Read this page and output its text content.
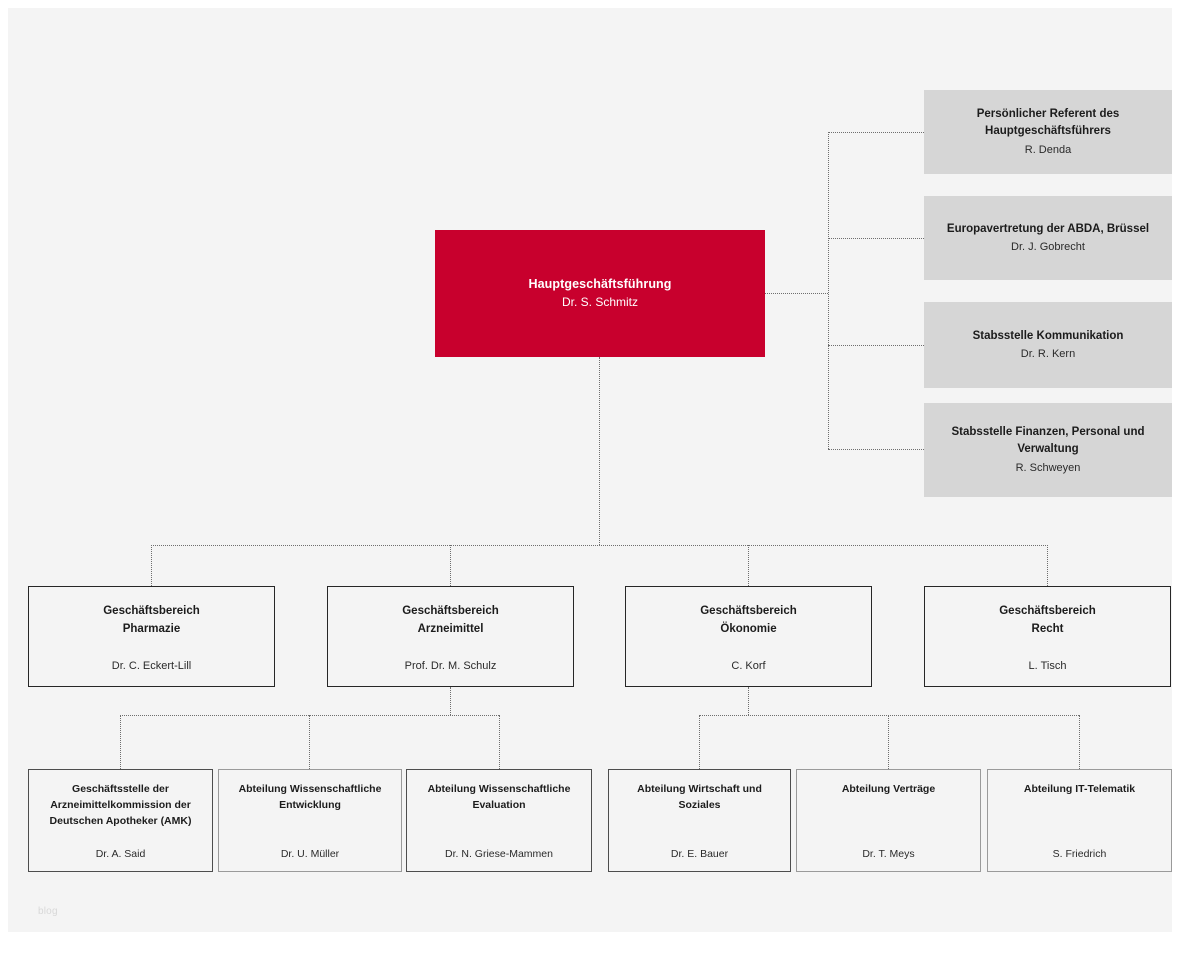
Hauptgeschäftsführung
Dr. S. Schmitz
Persönlicher Referent des Hauptgeschäftsführers
R. Denda
Europavertretung der ABDA, Brüssel
Dr. J. Gobrecht
Stabsstelle Kommunikation
Dr. R. Kern
Stabsstelle Finanzen, Personal und Verwaltung
R. Schweyen
Geschäftsbereich
Pharmazie
Dr. C. Eckert-Lill
Geschäftsbereich
Arzneimittel
Prof. Dr. M. Schulz
Geschäftsbereich
Ökonomie
C. Korf
Geschäftsbereich
Recht
L. Tisch
Geschäftsstelle der Arzneimittelkommission der Deutschen Apotheker (AMK)
Dr. A. Said
Abteilung Wissenschaftliche Entwicklung
Dr. U. Müller
Abteilung Wissenschaftliche Evaluation
Dr. N. Griese-Mammen
Abteilung Wirtschaft und Soziales
Dr. E. Bauer
Abteilung Verträge
Dr. T. Meys
Abteilung IT-Telematik
S. Friedrich
blog
